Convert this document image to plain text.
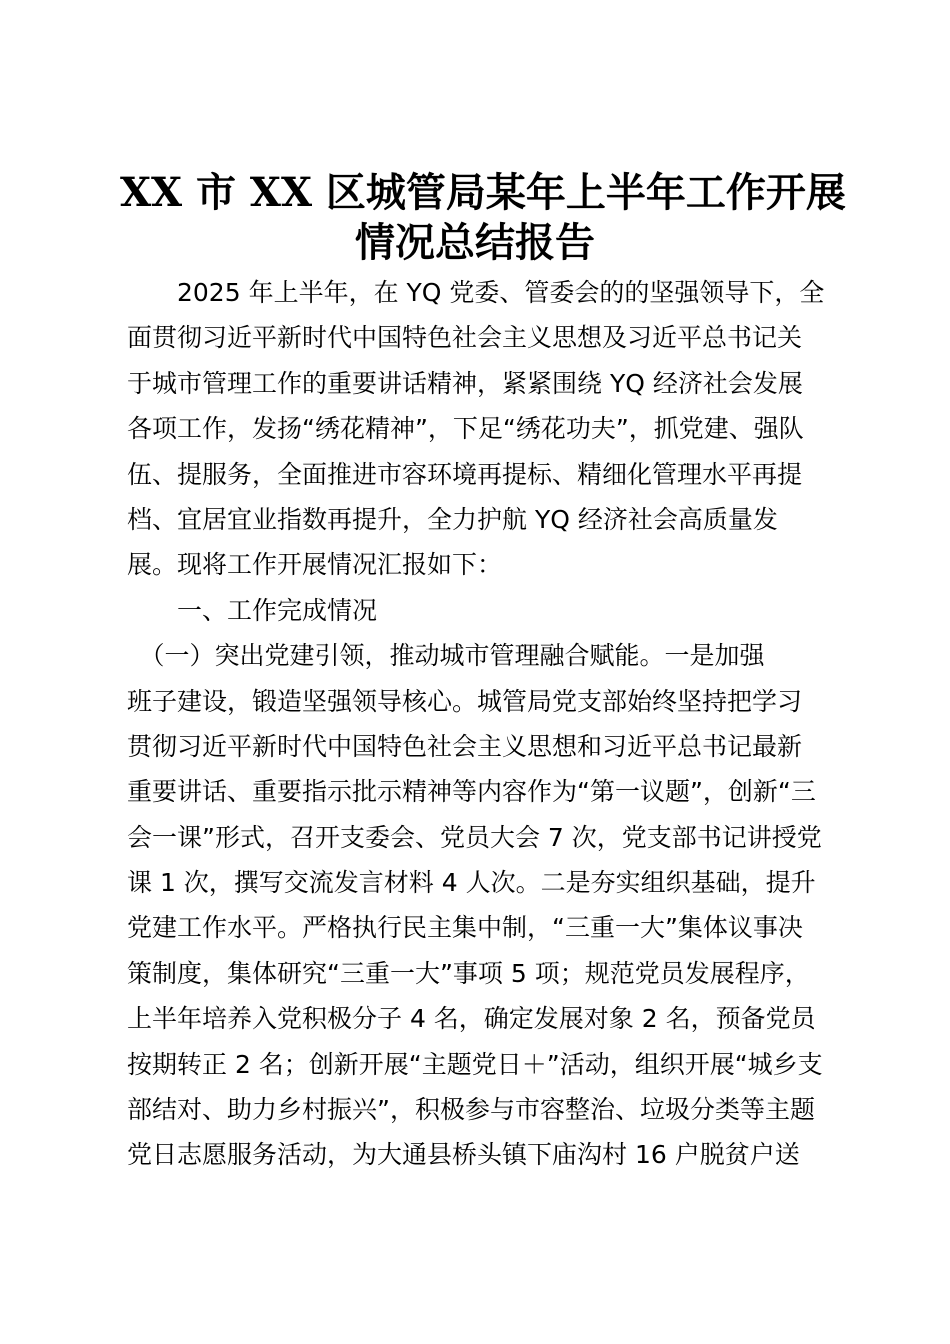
XX 市 XX 区城管局某年上半年工作开展
情况总结报告
　　2025 年上半年，在 YQ 党委、管委会的的坚强领导下，全
面贯彻习近平新时代中国特色社会主义思想及习近平总书记关
于城市管理工作的重要讲话精神，紧紧围绕 YQ 经济社会发展
各项工作，发扬“绣花精神”，下足“绣花功夫”，抓党建、强队
伍、提服务，全面推进市容环境再提标、精细化管理水平再提
档、宜居宜业指数再提升，全力护航 YQ 经济社会高质量发
展。现将工作开展情况汇报如下：
　　一、工作完成情况
　（一）突出党建引领，推动城市管理融合赋能。一是加强
班子建设，锻造坚强领导核心。城管局党支部始终坚持把学习
贯彻习近平新时代中国特色社会主义思想和习近平总书记最新
重要讲话、重要指示批示精神等内容作为“第一议题”，创新“三
会一课”形式，召开支委会、党员大会 7 次，党支部书记讲授党
课 1 次，撰写交流发言材料 4 人次。二是夯实组织基础，提升
党建工作水平。严格执行民主集中制，“三重一大”集体议事决
策制度，集体研究“三重一大”事项 5 项；规范党员发展程序，
上半年培养入党积极分子 4 名，确定发展对象 2 名，预备党员
按期转正 2 名；创新开展“主题党日＋”活动，组织开展“城乡支
部结对、助力乡村振兴”，积极参与市容整治、垃圾分类等主题
党日志愿服务活动，为大通县桥头镇下庙沟村 16 户脱贫户送
